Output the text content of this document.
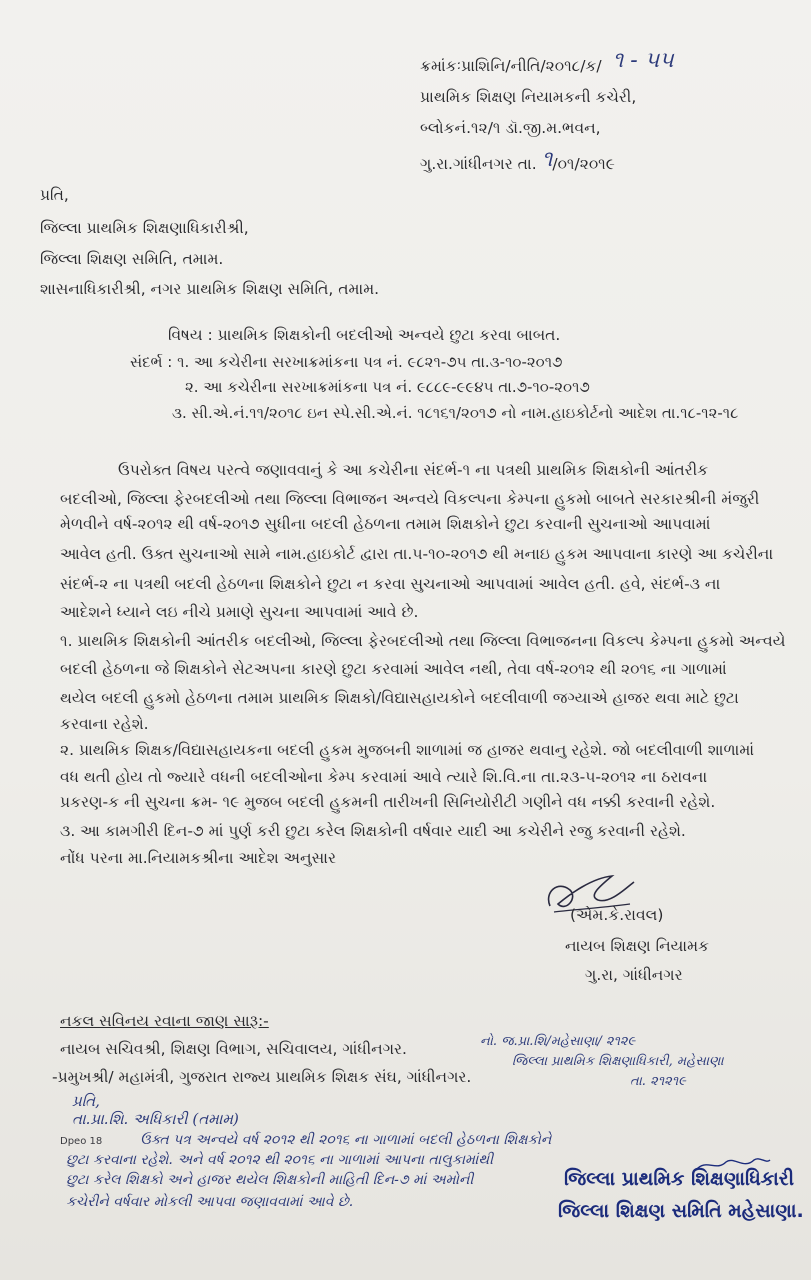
ક્રમાંકઃપ્રાશિનિ/નીતિ/૨૦૧૮/ક/ ૧ - ૫૫
પ્રાથમિક શિક્ષણ નિયામકની કચેરી,
બ્લોકનં.૧૨/૧ ડૉ.જી.મ.ભવન,
ગુ.રા.ગાંધીનગર તા. ૧/૦૧/૨૦૧૯
પ્રતિ,
જિલ્લા પ્રાથમિક શિક્ષણાધિકારીશ્રી,
જિલ્લા શિક્ષણ સમિતિ, તમામ.
શાસનાધિકારીશ્રી, નગર પ્રાથમિક શિક્ષણ સમિતિ, તમામ.
વિષય : પ્રાથમિક શિક્ષકોની બદલીઓ અન્વયે છુટા કરવા બાબત.
સંદર્ભ : ૧. આ કચેરીના સરખાક્રમાંકના પત્ર નં. ૯૮૨૧-૭૫ તા.૩-૧૦-૨૦૧૭
૨. આ કચેરીના સરખાક્રમાંકના પત્ર નં. ૯૮૮૯-૯૯૪૫ તા.૭-૧૦-૨૦૧૭
૩. સી.એ.નં.૧૧/૨૦૧૮ ઇન સ્પે.સી.એ.નં. ૧૮૧૬૧/૨૦૧૭ નો નામ.હાઇકોર્ટનો આદેશ તા.૧૮-૧૨-૧૮
ઉપરોક્ત વિષય પરત્વે જણાવવાનું કે આ કચેરીના સંદર્ભ-૧ ના પત્રથી પ્રાથમિક શિક્ષકોની આંતરીક
બદલીઓ, જિલ્લા ફેરબદલીઓ તથા જિલ્લા વિભાજન અન્વયે વિકલ્પના કેમ્પના હુકમો બાબતે સરકારશ્રીની મંજુરી
મેળવીને વર્ષ-૨૦૧૨ થી વર્ષ-૨૦૧૭ સુધીના બદલી હેઠળના તમામ શિક્ષકોને છુટા કરવાની સુચનાઓ આપવામાં
આવેલ હતી. ઉક્ત સુચનાઓ સામે નામ.હાઇકોર્ટ દ્વારા તા.૫-૧૦-૨૦૧૭ થી મનાઇ હુકમ આપવાના કારણે આ કચેરીના
સંદર્ભ-૨ ના પત્રથી બદલી હેઠળના શિક્ષકોને છુટા ન કરવા સુચનાઓ આપવામાં આવેલ હતી. હવે, સંદર્ભ-૩ ના
આદેશને ધ્યાને લઇ નીચે પ્રમાણે સુચના આપવામાં આવે છે.
૧. પ્રાથમિક શિક્ષકોની આંતરીક બદલીઓ, જિલ્લા ફેરબદલીઓ તથા જિલ્લા વિભાજનના વિકલ્પ કેમ્પના હુકમો અન્વયે
બદલી હેઠળના જે શિક્ષકોને સેટઅપના કારણે છુટા કરવામાં આવેલ નથી, તેવા વર્ષ-૨૦૧૨ થી ૨૦૧૬ ના ગાળામાં
થયેલ બદલી હુકમો હેઠળના તમામ પ્રાથમિક શિક્ષકો/વિદ્યાસહાયકોને બદલીવાળી જગ્યાએ હાજર થવા માટે છુટા
કરવાના રહેશે.
૨. પ્રાથમિક શિક્ષક/વિદ્યાસહાયકના બદલી હુકમ મુજબની શાળામાં જ હાજર થવાનુ રહેશે. જો બદલીવાળી શાળામાં
વધ થતી હોય તો જ્યારે વધની બદલીઓના કેમ્પ કરવામાં આવે ત્યારે શિ.વિ.ના તા.૨૩-૫-૨૦૧૨ ના ઠરાવના
પ્રકરણ-ક ની સુચના ક્રમ- ૧૯ મુજબ બદલી હુકમની તારીખની સિનિયોરીટી ગણીને વધ નક્કી કરવાની રહેશે.
૩. આ કામગીરી દિન-૭ માં પુર્ણ કરી છુટા કરેલ શિક્ષકોની વર્ષવાર યાદી આ કચેરીને રજુ કરવાની રહેશે.
નોંધ પરના મા.નિયામકશ્રીના આદેશ અનુસાર
(એમ.કે.રાવલ)
નાયબ શિક્ષણ નિયામક
ગુ.રા, ગાંધીનગર
નકલ સવિનય રવાના જાણ સારૂ:-
નાયબ સચિવશ્રી, શિક્ષણ વિભાગ, સચિવાલય, ગાંધીનગર.
-પ્રમુખશ્રી/ મહામંત્રી, ગુજરાત રાજ્ય પ્રાથમિક શિક્ષક સંઘ, ગાંધીનગર.
નો. જ.પ્રા.શિ/મહેસાણા/ ૨૧૨૯
જિલ્લા પ્રાથમિક શિક્ષણાધિકારી, મહેસાણા
તા. ૨૧૨૧૯
પ્રતિ,
તા.પ્રા.શિ. અધિકારી (તમામ)
Dpeo 18	ઉક્ત પત્ર અન્વયે વર્ષ ૨૦૧૨ થી ૨૦૧૬ ના ગાળામાં બદલી હેઠળના શિક્ષકોને
છુટા કરવાના રહેશે. અને વર્ષ ૨૦૧૨ થી ૨૦૧૬ ના ગાળામાં આપના તાલુકામાંથી
છુટા કરેલ શિક્ષકો અને હાજર થયેલ શિક્ષકોની માહિતી દિન-૭ માં અમોની
કચેરીને વર્ષવાર મોકલી આપવા જણાવવામાં આવે છે.
જિલ્લા પ્રાથમિક શિક્ષણાધિકારી
જિલ્લા શિક્ષણ સમિતિ મહેસાણા.
